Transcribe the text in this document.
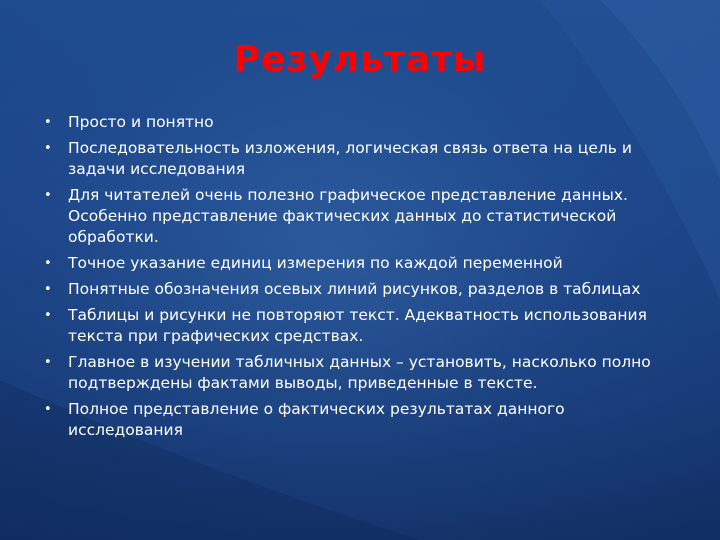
Результаты
• Просто и понятно
• Последовательность изложения, логическая связь ответа на цель и задачи исследования
• Для читателей очень полезно графическое представление данных. Особенно представление фактических данных до статистической обработки.
• Точное указание единиц измерения по каждой переменной
• Понятные обозначения осевых линий рисунков, разделов в таблицах
• Таблицы и рисунки не повторяют текст. Адекватность использования текста при графических средствах.
• Главное в изучении табличных данных – установить, насколько полно подтверждены фактами выводы, приведенные в тексте.
• Полное представление о фактических результатах данного исследования
